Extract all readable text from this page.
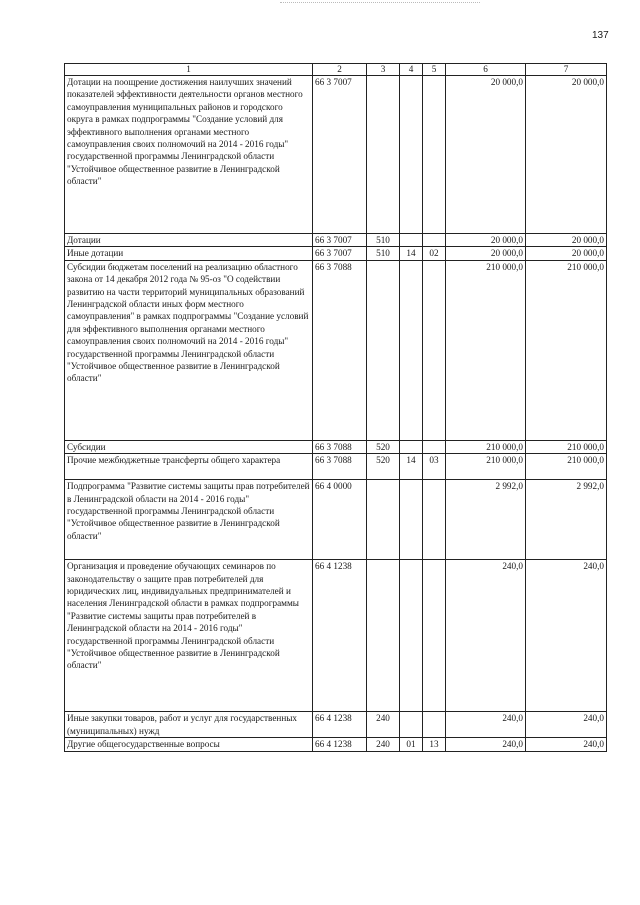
137
1	2	3	4	5	6	7
Дотации на поощрение достижения наилучших значений показателей эффективности деятельности органов местного самоуправления муниципальных районов и городского округа в рамках подпрограммы "Создание условий для эффективного выполнения органами местного самоуправления своих полномочий на 2014 - 2016 годы" государственной программы Ленинградской области "Устойчивое общественное развитие в Ленинградской области"	66 3 7007				20 000,0	20 000,0
Дотации	66 3 7007	510			20 000,0	20 000,0
Иные дотации	66 3 7007	510	14	02	20 000,0	20 000,0
Субсидии бюджетам поселений на реализацию областного закона от 14 декабря 2012 года № 95-оз "О содействии развитию на части территорий муниципальных образований Ленинградской области иных форм местного самоуправления" в рамках подпрограммы "Создание условий для эффективного выполнения органами местного самоуправления своих полномочий на 2014 - 2016 годы" государственной программы Ленинградской области "Устойчивое общественное развитие в Ленинградской области"	66 3 7088				210 000,0	210 000,0
Субсидии	66 3 7088	520			210 000,0	210 000,0
Прочие межбюджетные трансферты общего характера	66 3 7088	520	14	03	210 000,0	210 000,0
Подпрограмма "Развитие системы защиты прав потребителей в Ленинградской области на 2014 - 2016 годы" государственной программы Ленинградской области "Устойчивое общественное развитие в Ленинградской области"	66 4 0000				2 992,0	2 992,0
Организация и проведение обучающих семинаров по законодательству о защите прав потребителей для юридических лиц, индивидуальных предпринимателей и населения Ленинградской области в рамках подпрограммы "Развитие системы защиты прав потребителей в Ленинградской области на 2014 - 2016 годы" государственной программы Ленинградской области "Устойчивое общественное развитие в Ленинградской области"	66 4 1238				240,0	240,0
Иные закупки товаров, работ и услуг для государственных (муниципальных) нужд	66 4 1238	240			240,0	240,0
Другие общегосударственные вопросы	66 4 1238	240	01	13	240,0	240,0
